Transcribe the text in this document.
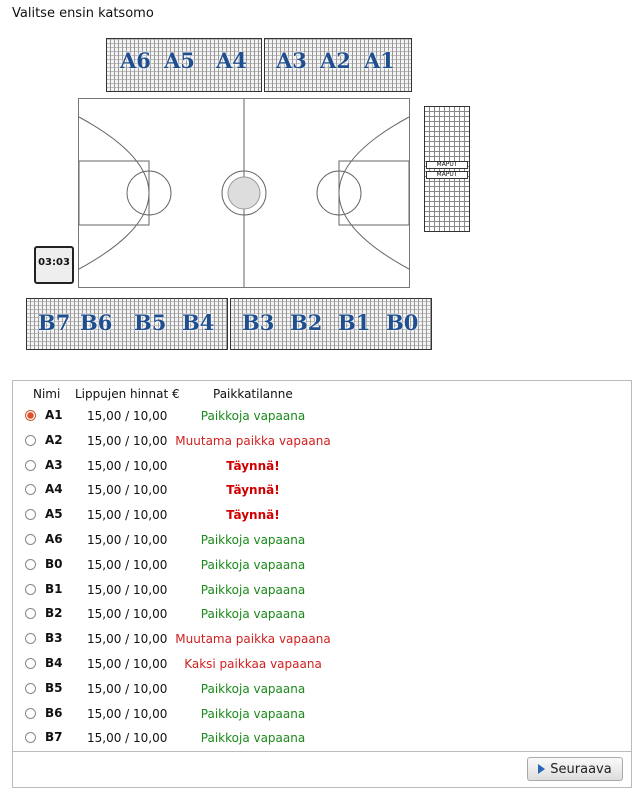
Valitse ensin katsomo
A6 A5 A4 A3 A2 A1
03:03
MAPUT
MAPUT
B7 B6 B5 B4 B3 B2 B1 B0
Nimi Lippujen hinnat €	Paikkatilanne
A1 15,00 / 10,00	Paikkoja vapaana
A2 15,00 / 10,00 Muutama paikka vapaana
A3 15,00 / 10,00	Täynnä!
A4 15,00 / 10,00	Täynnä!
A5 15,00 / 10,00	Täynnä!
A6 15,00 / 10,00	Paikkoja vapaana
B0 15,00 / 10,00	Paikkoja vapaana
B1 15,00 / 10,00	Paikkoja vapaana
B2 15,00 / 10,00	Paikkoja vapaana
B3 15,00 / 10,00 Muutama paikka vapaana
B4 15,00 / 10,00	Kaksi paikkaa vapaana
B5 15,00 / 10,00	Paikkoja vapaana
B6 15,00 / 10,00	Paikkoja vapaana
B7 15,00 / 10,00	Paikkoja vapaana
Seuraava
